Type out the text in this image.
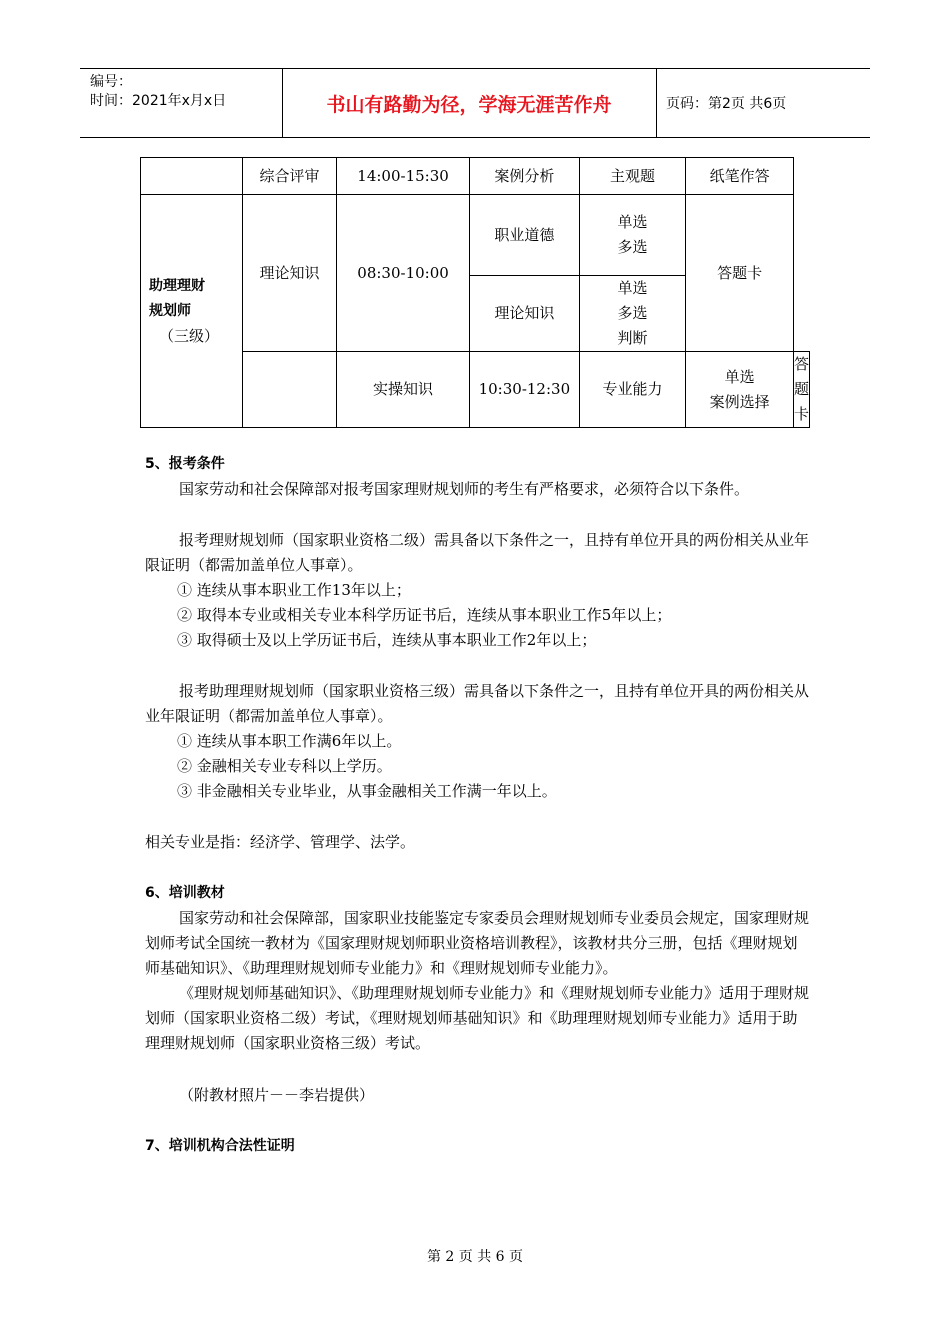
编号：
时间：2021年x月x日	书山有路勤为径，学海无涯苦作舟	页码：第2页 共6页
	综合评审	14:00-15:30	案例分析	主观题	纸笔作答	

助理理财
规划师
（三级）	理论知识	08:30-10:00	职业道德	单选
多选	答题卡	
			理论知识	单选
多选
判断		

		实操知识	10:30-12:30	专业能力	单选
案例选择	答题卡

5、报考条件

国家劳动和社会保障部对报考国家理财规划师的考生有严格要求，必须符合以下条件。

报考理财规划师（国家职业资格二级）需具备以下条件之一，且持有单位开具的两份相关从业年限证明（都需加盖单位人事章）。

① 连续从事本职业工作13年以上；

② 取得本专业或相关专业本科学历证书后，连续从事本职业工作5年以上；

③ 取得硕士及以上学历证书后，连续从事本职业工作2年以上；

报考助理理财规划师（国家职业资格三级）需具备以下条件之一，且持有单位开具的两份相关从业年限证明（都需加盖单位人事章）。

① 连续从事本职工作满6年以上。

② 金融相关专业专科以上学历。

③ 非金融相关专业毕业，从事金融相关工作满一年以上。

相关专业是指：经济学、管理学、法学。

6、培训教材

国家劳动和社会保障部，国家职业技能鉴定专家委员会理财规划师专业委员会规定，国家理财规划师考试全国统一教材为《国家理财规划师职业资格培训教程》，该教材共分三册，包括《理财规划师基础知识》、《助理理财规划师专业能力》和《理财规划师专业能力》。

《理财规划师基础知识》、《助理理财规划师专业能力》和《理财规划师专业能力》适用于理财规划师（国家职业资格二级）考试，《理财规划师基础知识》和《助理理财规划师专业能力》适用于助理理财规划师（国家职业资格三级）考试。

（附教材照片－－李岩提供）

7、培训机构合法性证明

第 2 页 共 6 页
